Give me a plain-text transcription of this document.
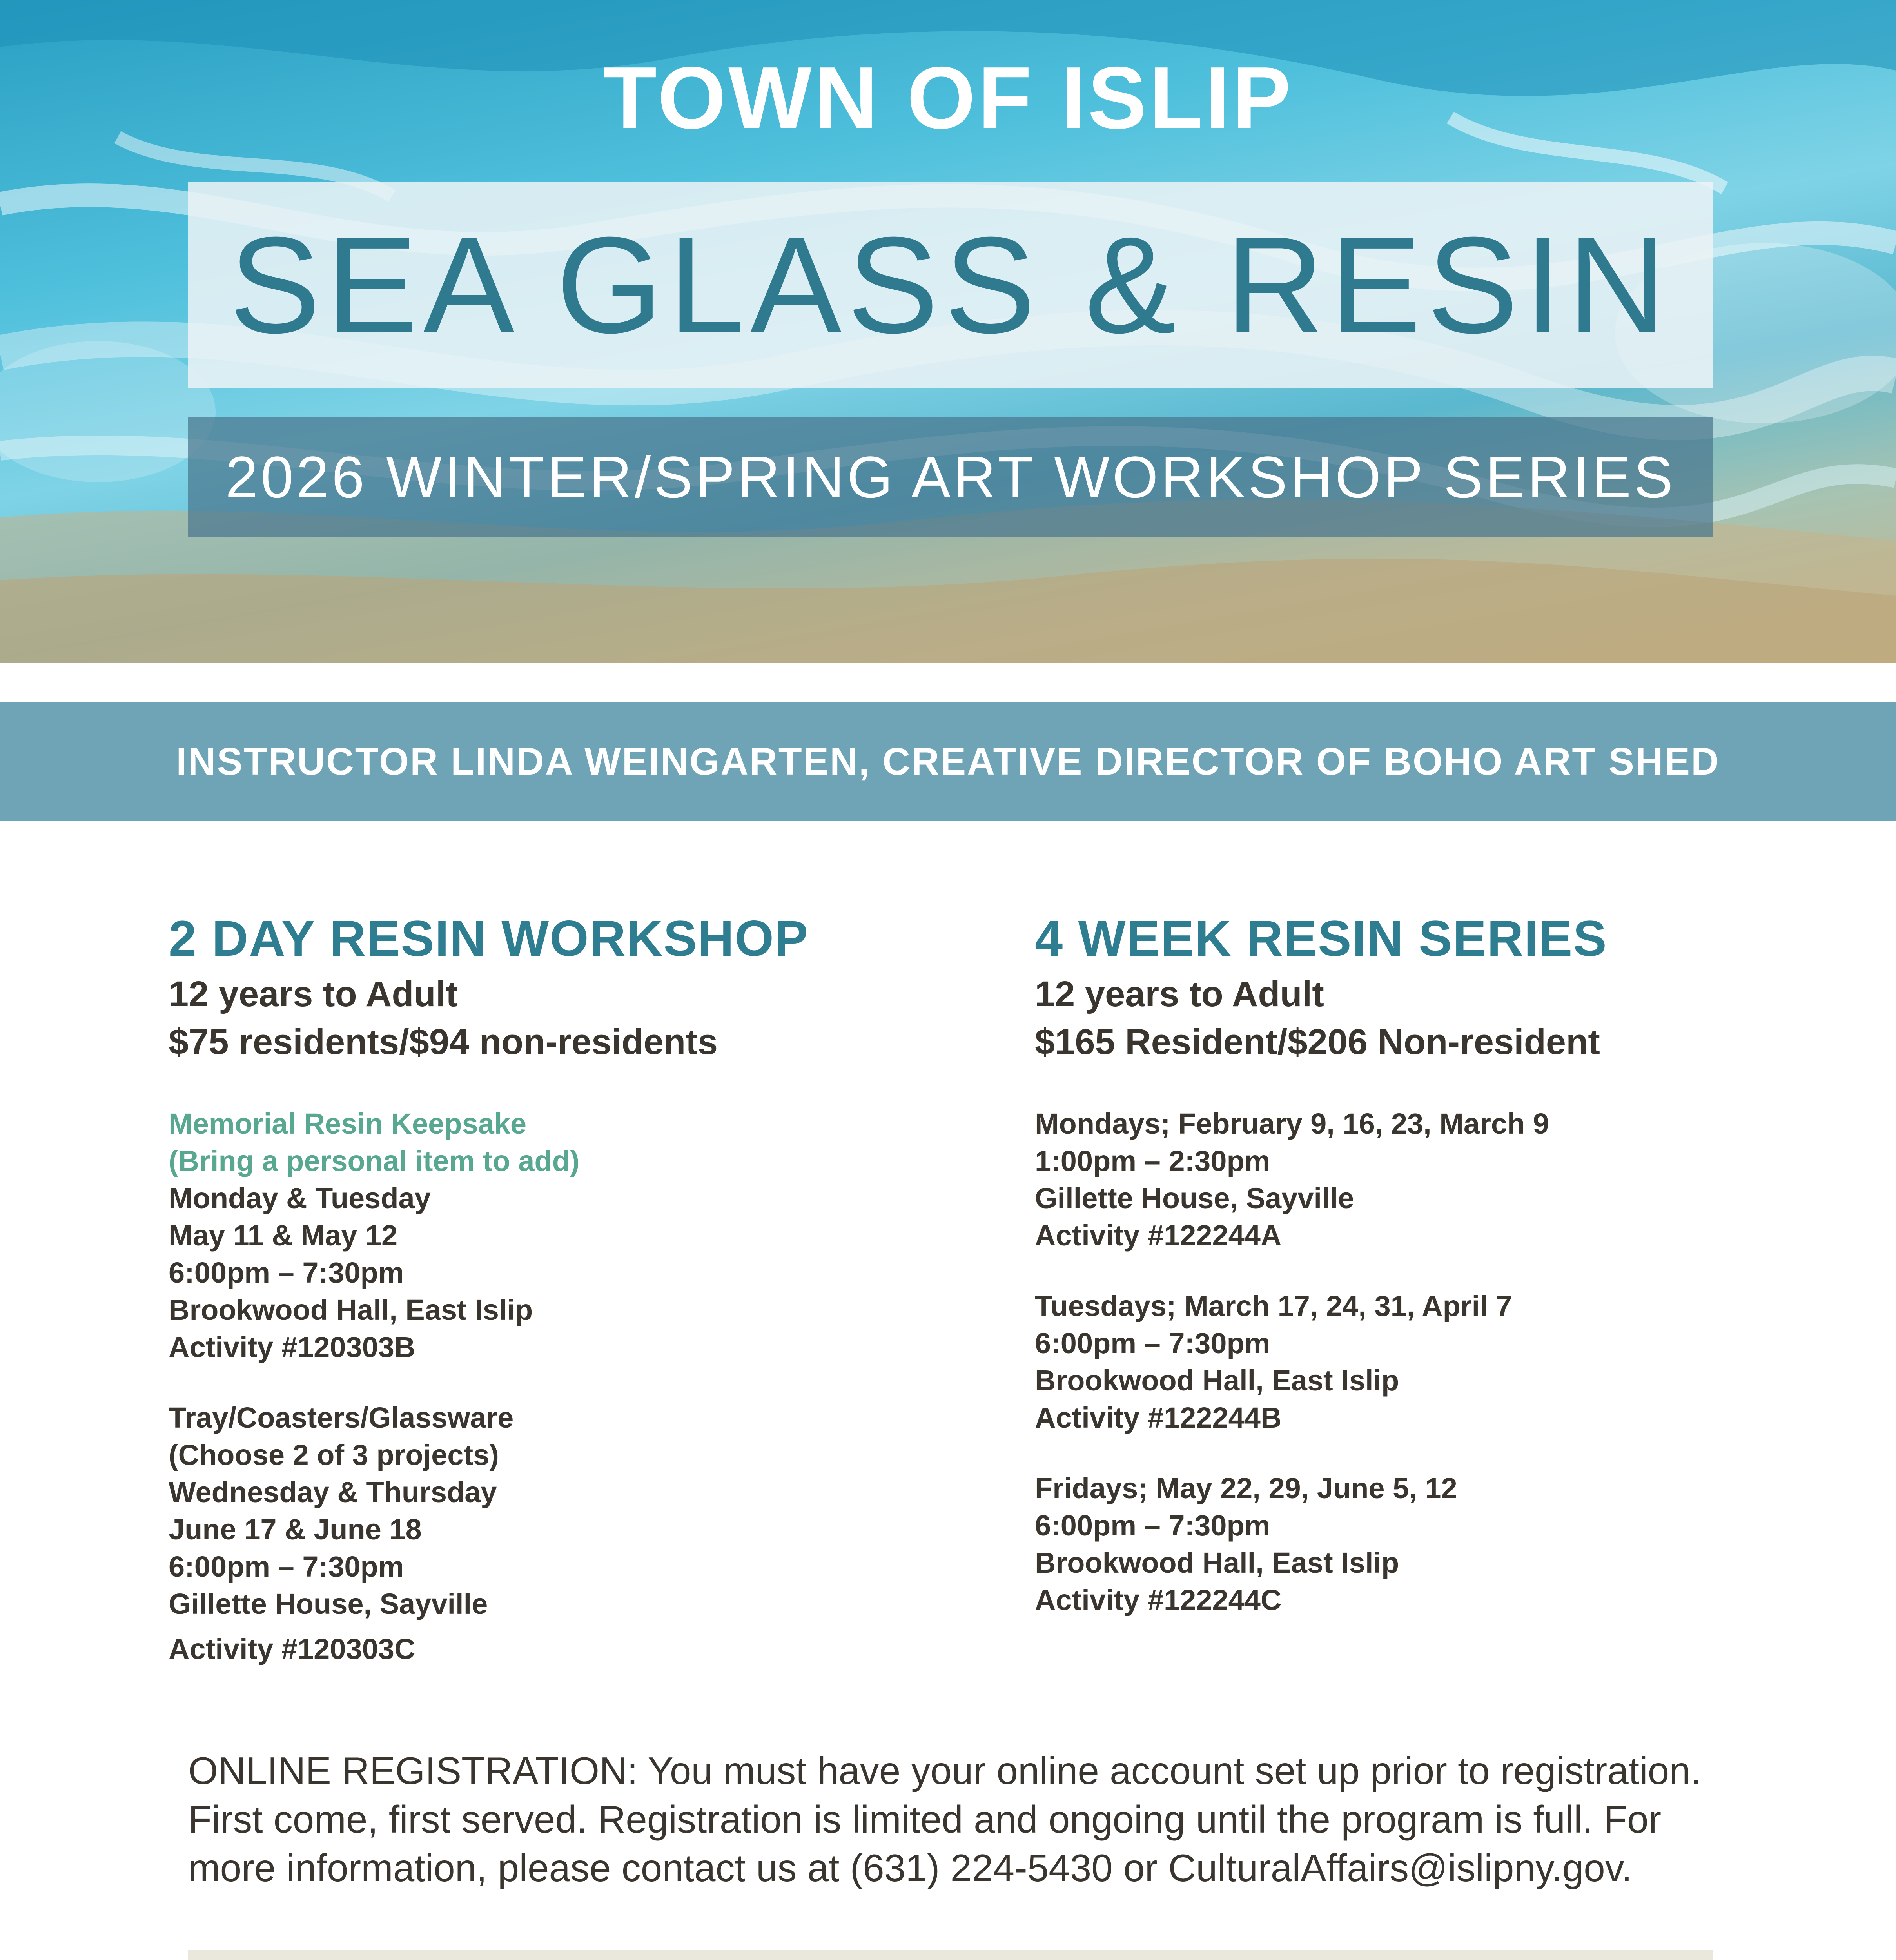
TOWN OF ISLIP
SEA GLASS & RESIN
2026 WINTER/SPRING ART WORKSHOP SERIES
INSTRUCTOR LINDA WEINGARTEN, CREATIVE DIRECTOR OF BOHO ART SHED
2 DAY RESIN WORKSHOP
12 years to Adult
$75 residents/$94 non-residents
Memorial Resin Keepsake
(Bring a personal item to add)
Monday & Tuesday
May 11 & May 12
6:00pm – 7:30pm
Brookwood Hall, East Islip
Activity #120303B
Tray/Coasters/Glassware
(Choose 2 of 3 projects)
Wednesday & Thursday
June 17 & June 18
6:00pm – 7:30pm
Gillette House, Sayville
Activity #120303C
4 WEEK RESIN SERIES
12 years to Adult
$165 Resident/$206 Non-resident
Mondays; February 9, 16, 23, March 9
1:00pm – 2:30pm
Gillette House, Sayville
Activity #122244A
Tuesdays; March 17, 24, 31, April 7
6:00pm – 7:30pm
Brookwood Hall, East Islip
Activity #122244B
Fridays; May 22, 29, June 5, 12
6:00pm – 7:30pm
Brookwood Hall, East Islip
Activity #122244C
ONLINE REGISTRATION: You must have your online account set up prior to registration.
First come, first served. Registration is limited and ongoing until the program is full. For
more information, please contact us at (631) 224-5430 or CulturalAffairs@islipny.gov.
